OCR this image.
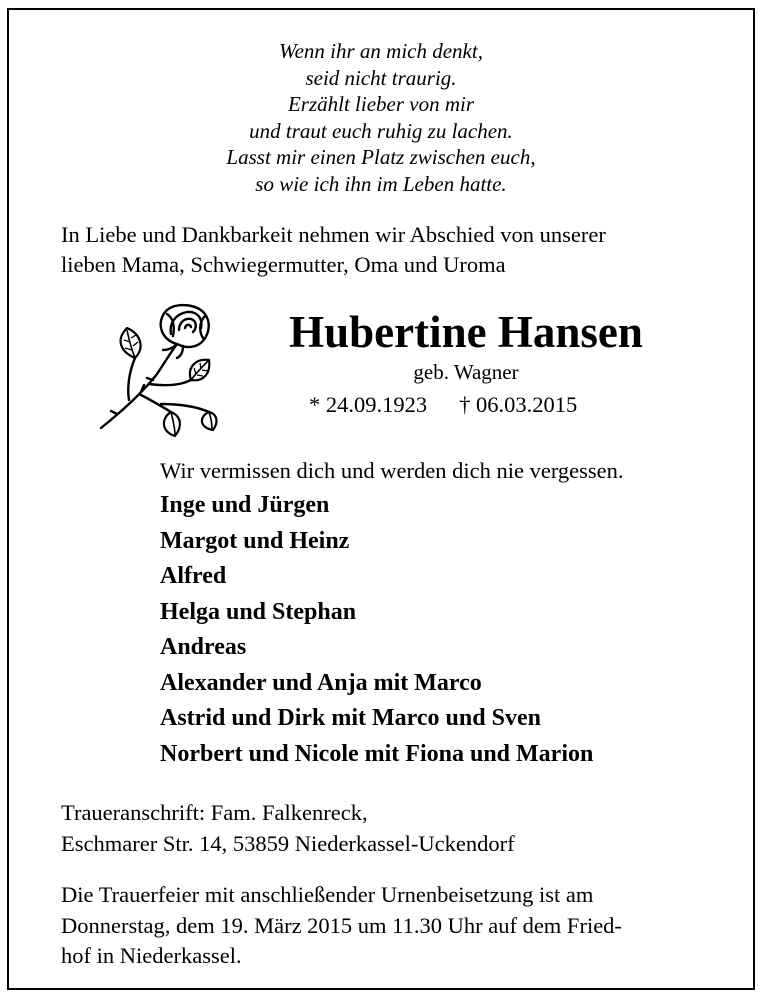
Wenn ihr an mich denkt,
seid nicht traurig.
Erzählt lieber von mir
und traut euch ruhig zu lachen.
Lasst mir einen Platz zwischen euch,
so wie ich ihn im Leben hatte.
In Liebe und Dankbarkeit nehmen wir Abschied von unserer
lieben Mama, Schwiegermutter, Oma und Uroma
Hubertine Hansen
geb. Wagner
* 24.09.1923 † 06.03.2015
Wir vermissen dich und werden dich nie vergessen.
Inge und Jürgen
Margot und Heinz
Alfred
Helga und Stephan
Andreas
Alexander und Anja mit Marco
Astrid und Dirk mit Marco und Sven
Norbert und Nicole mit Fiona und Marion
Traueranschrift: Fam. Falkenreck,
Eschmarer Str. 14, 53859 Niederkassel-Uckendorf
Die Trauerfeier mit anschließender Urnenbeisetzung ist am
Donnerstag, dem 19. März 2015 um 11.30 Uhr auf dem Fried-
hof in Niederkassel.
